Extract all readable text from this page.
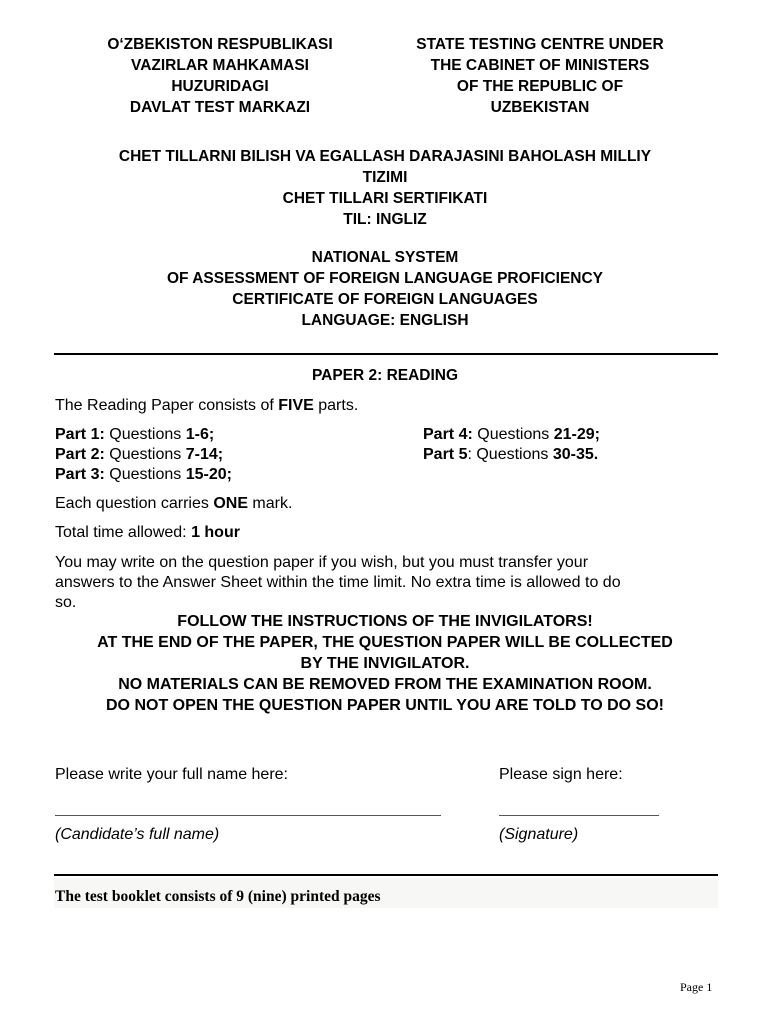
O‘ZBEKISTON RESPUBLIKASI
VAZIRLAR MAHKAMASI
HUZURIDAGI
DAVLAT TEST MARKAZI
STATE TESTING CENTRE UNDER
THE CABINET OF MINISTERS
OF THE REPUBLIC OF
UZBEKISTAN
CHET TILLARNI BILISH VA EGALLASH DARAJASINI BAHOLASH MILLIY
TIZIMI
CHET TILLARI SERTIFIKATI
TIL: INGLIZ
NATIONAL SYSTEM
OF ASSESSMENT OF FOREIGN LANGUAGE PROFICIENCY
CERTIFICATE OF FOREIGN LANGUAGES
LANGUAGE: ENGLISH
PAPER 2: READING
The Reading Paper consists of FIVE parts.
Part 1: Questions 1-6;
Part 2: Questions 7-14;
Part 3: Questions 15-20;
Part 4: Questions 21-29;
Part 5: Questions 30-35.
Each question carries ONE mark.
Total time allowed: 1 hour
You may write on the question paper if you wish, but you must transfer your
answers to the Answer Sheet within the time limit. No extra time is allowed to do
so.
FOLLOW THE INSTRUCTIONS OF THE INVIGILATORS!
AT THE END OF THE PAPER, THE QUESTION PAPER WILL BE COLLECTED
BY THE INVIGILATOR.
NO MATERIALS CAN BE REMOVED FROM THE EXAMINATION ROOM.
DO NOT OPEN THE QUESTION PAPER UNTIL YOU ARE TOLD TO DO SO!
Please write your full name here:	Please sign here:
(Candidate’s full name)	(Signature)
The test booklet consists of 9 (nine) printed pages
Page 1
